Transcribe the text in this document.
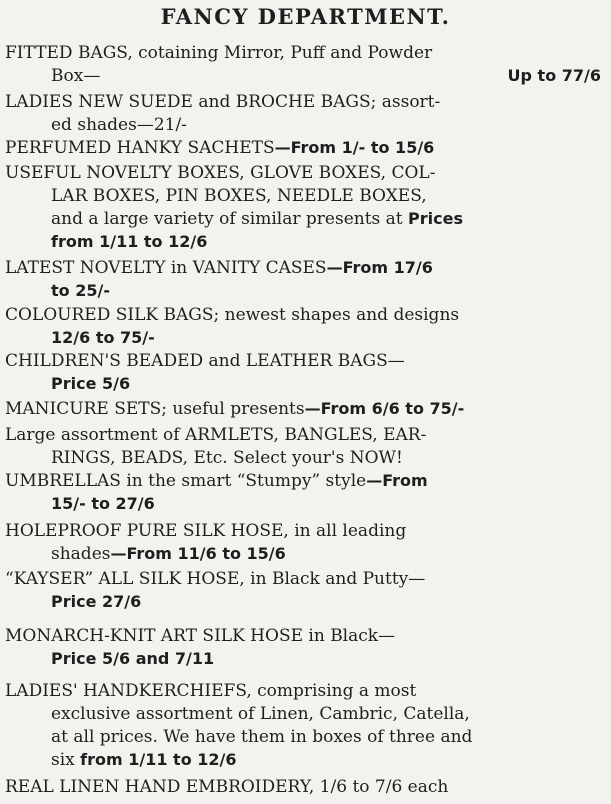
FANCY DEPARTMENT.
FITTED BAGS, cotaining Mirror, Puff and Powder
Box—	Up to 77/6
LADIES NEW SUEDE and BROCHE BAGS; assort-
ed shades—21/-
PERFUMED HANKY SACHETS—From 1/- to 15/6
USEFUL NOVELTY BOXES, GLOVE BOXES, COL-
LAR BOXES, PIN BOXES, NEEDLE BOXES,
and a large variety of similar presents at Prices
from 1/11 to 12/6
LATEST NOVELTY in VANITY CASES—From 17/6
to 25/-
COLOURED SILK BAGS; newest shapes and designs
12/6 to 75/-
CHILDREN'S BEADED and LEATHER BAGS—
Price 5/6
MANICURE SETS; useful presents—From 6/6 to 75/-
Large assortment of ARMLETS, BANGLES, EAR-
RINGS, BEADS, Etc. Select your's NOW!
UMBRELLAS in the smart “Stumpy” style—From
15/- to 27/6
HOLEPROOF PURE SILK HOSE, in all leading
shades—From 11/6 to 15/6
“KAYSER” ALL SILK HOSE, in Black and Putty—
Price 27/6
MONARCH-KNIT ART SILK HOSE in Black—
Price 5/6 and 7/11
LADIES' HANDKERCHIEFS, comprising a most
exclusive assortment of Linen, Cambric, Catella,
at all prices. We have them in boxes of three and
six from 1/11 to 12/6
REAL LINEN HAND EMBROIDERY, 1/6 to 7/6 each
